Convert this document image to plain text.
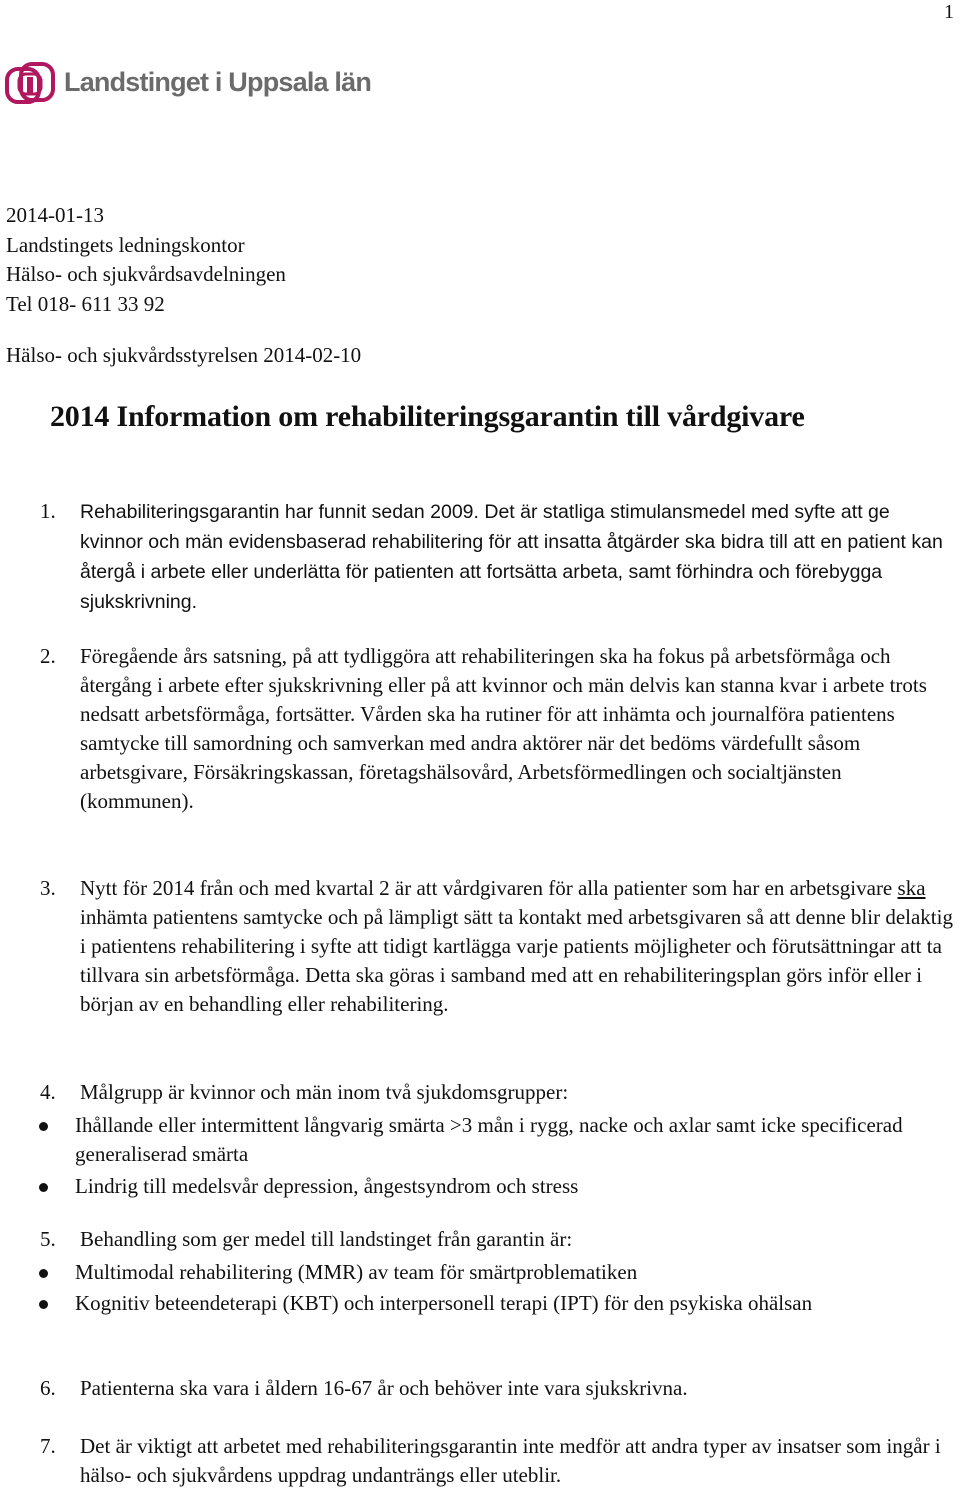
1
Landstinget i Uppsala län
2014-01-13
Landstingets ledningskontor
Hälso- och sjukvårdsavdelningen
Tel 018- 611 33 92
Hälso- och sjukvårdsstyrelsen 2014-02-10
2014 Information om rehabiliteringsgarantin till vårdgivare
1. Rehabiliteringsgarantin har funnit sedan 2009. Det är statliga stimulansmedel med syfte att ge kvinnor och män evidensbaserad rehabilitering för att insatta åtgärder ska bidra till att en patient kan återgå i arbete eller underlätta för patienten att fortsätta arbeta, samt förhindra och förebygga sjukskrivning.
2. Föregående års satsning, på att tydliggöra att rehabiliteringen ska ha fokus på arbetsförmåga och återgång i arbete efter sjukskrivning eller på att kvinnor och män delvis kan stanna kvar i arbete trots nedsatt arbetsförmåga, fortsätter. Vården ska ha rutiner för att inhämta och journalföra patientens samtycke till samordning och samverkan med andra aktörer när det bedöms värdefullt såsom arbetsgivare, Försäkringskassan, företagshälsovård, Arbetsförmedlingen och socialtjänsten (kommunen).
3. Nytt för 2014 från och med kvartal 2 är att vårdgivaren för alla patienter som har en arbetsgivare ska inhämta patientens samtycke och på lämpligt sätt ta kontakt med arbetsgivaren så att denne blir delaktig i patientens rehabilitering i syfte att tidigt kartlägga varje patients möjligheter och förutsättningar att ta tillvara sin arbetsförmåga. Detta ska göras i samband med att en rehabiliteringsplan görs inför eller i början av en behandling eller rehabilitering.
4. Målgrupp är kvinnor och män inom två sjukdomsgrupper:
Ihållande eller intermittent långvarig smärta >3 mån i rygg, nacke och axlar samt icke specificerad generaliserad smärta
Lindrig till medelsvår depression, ångestsyndrom och stress
5. Behandling som ger medel till landstinget från garantin är:
Multimodal rehabilitering (MMR) av team för smärtproblematiken
Kognitiv beteendeterapi (KBT) och interpersonell terapi (IPT) för den psykiska ohälsan
6. Patienterna ska vara i åldern 16-67 år och behöver inte vara sjukskrivna.
7. Det är viktigt att arbetet med rehabiliteringsgarantin inte medför att andra typer av insatser som ingår i hälso- och sjukvårdens uppdrag undanträngs eller uteblir.
